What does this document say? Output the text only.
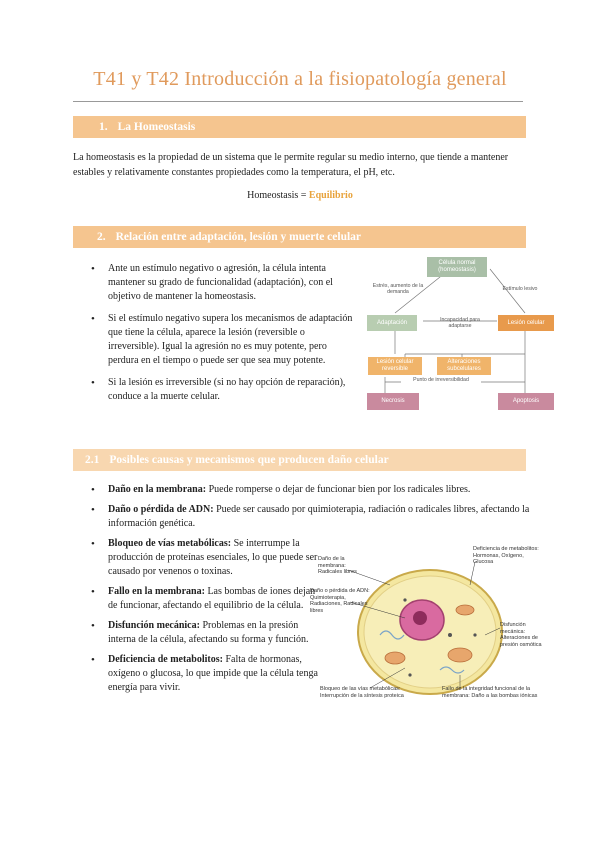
T41 y T42 Introducción a la fisiopatología general
1. La Homeostasis
La homeostasis es la propiedad de un sistema que le permite regular su medio interno, que tiende a mantener estables y relativamente constantes propiedades como la temperatura, el pH, etc.
Homeostasis = Equilibrio
2. Relación entre adaptación, lesión y muerte celular
• Ante un estímulo negativo o agresión, la célula intenta mantener su grado de funcionalidad (adaptación), con el objetivo de mantener la homeostasis.
• Si el estímulo negativo supera los mecanismos de adaptación que tiene la célula, aparece la lesión (reversible o irreversible). Igual la agresión no es muy potente, pero perdura en el tiempo o puede ser que sea muy potente.
• Si la lesión es irreversible (si no hay opción de reparación), conduce a la muerte celular.
Célula normal (homeostasis)
Estrés, aumento de la demanda	Estímulo lesivo
Adaptación	Incapacidad para adaptarse
Lesión celular
Lesión celular reversible
Alteraciones subcelulares
Punto de irreversibilidad
Necrosis	Apoptosis
2.1 Posibles causas y mecanismos que producen daño celular
• Daño en la membrana: Puede romperse o dejar de funcionar bien por los radicales libres.
• Daño o pérdida de ADN: Puede ser causado por quimioterapia, radiación o radicales libres, afectando la información genética.
• Bloqueo de vías metabólicas: Se interrumpe la producción de proteínas esenciales, lo que puede ser causado por venenos o toxinas.
• Fallo en la membrana: Las bombas de iones dejan de funcionar, afectando el equilibrio de la célula.
• Disfunción mecánica: Problemas en la presión interna de la célula, afectando su forma y función.
• Deficiencia de metabolitos: Falta de hormonas, oxígeno o glucosa, lo que impide que la célula tenga energía para vivir.
Daño de la membrana: Radicales libres
Daño o pérdida de ADN: Quimioterapia, Radiaciones, Radicales libres
Deficiencia de metabolitos: Hormonas, Oxígeno, Glucosa
Disfunción mecánica: Alteraciones de presión osmótica
Bloqueo de las vías metabólicas: Interrupción de la síntesis proteica
Fallo de la integridad funcional de la membrana: Daño a las bombas iónicas
